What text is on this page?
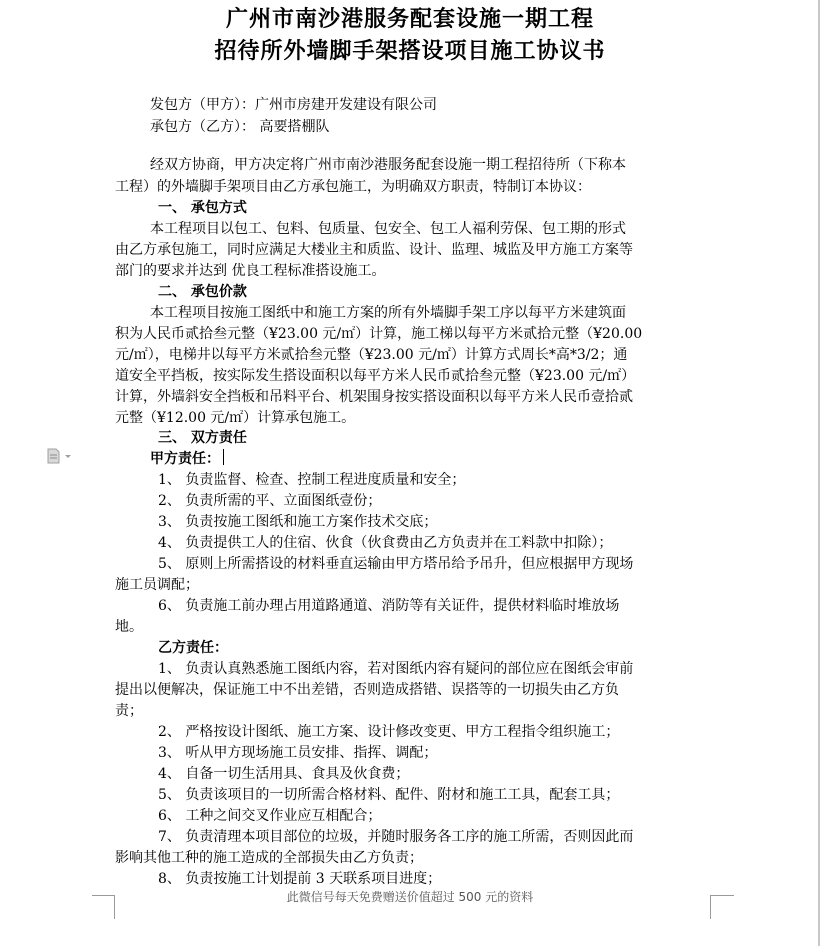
广州市南沙港服务配套设施一期工程
招待所外墙脚手架搭设项目施工协议书
发包方（甲方）：广州市房建开发建设有限公司
承包方（乙方）： 高要搭棚队
经双方协商，甲方决定将广州市南沙港服务配套设施一期工程招待所（下称本
工程）的外墙脚手架项目由乙方承包施工，为明确双方职责，特制订本协议：
一、 承包方式
本工程项目以包工、包料、包质量、包安全、包工人福利劳保、包工期的形式
由乙方承包施工，同时应满足大楼业主和质监、设计、监理、城监及甲方施工方案等
部门的要求并达到 优良工程标准搭设施工。
二、 承包价款
本工程项目按施工图纸中和施工方案的所有外墙脚手架工序以每平方米建筑面
积为人民币贰拾叁元整（¥23.00 元/㎡）计算，施工梯以每平方米贰拾元整（¥20.00
元/㎡），电梯井以每平方米贰拾叁元整（¥23.00 元/㎡）计算方式周长*高*3/2；通
道安全平挡板，按实际发生搭设面积以每平方米人民币贰拾叁元整（¥23.00 元/㎡）
计算，外墙斜安全挡板和吊料平台、机架围身按实搭设面积以每平方米人民币壹拾贰
元整（¥12.00 元/㎡）计算承包施工。
三、 双方责任
甲方责任：
1、 负责监督、检查、控制工程进度质量和安全；
2、 负责所需的平、立面图纸壹份；
3、 负责按施工图纸和施工方案作技术交底；
4、 负责提供工人的住宿、伙食（伙食费由乙方负责并在工料款中扣除）；
5、 原则上所需搭设的材料垂直运输由甲方塔吊给予吊升，但应根据甲方现场
施工员调配；
6、 负责施工前办理占用道路通道、消防等有关证件，提供材料临时堆放场
地。
乙方责任：
1、 负责认真熟悉施工图纸内容，若对图纸内容有疑问的部位应在图纸会审前
提出以便解决，保证施工中不出差错，否则造成搭错、误搭等的一切损失由乙方负
责；
2、 严格按设计图纸、施工方案、设计修改变更、甲方工程指令组织施工；
3、 听从甲方现场施工员安排、指挥、调配；
4、 自备一切生活用具、食具及伙食费；
5、 负责该项目的一切所需合格材料、配件、附材和施工工具，配套工具；
6、 工种之间交叉作业应互相配合；
7、 负责清理本项目部位的垃圾，并随时服务各工序的施工所需，否则因此而
影响其他工种的施工造成的全部损失由乙方负责；
8、 负责按施工计划提前 3 天联系项目进度；
此微信号每天免费赠送价值超过 500 元的资料
